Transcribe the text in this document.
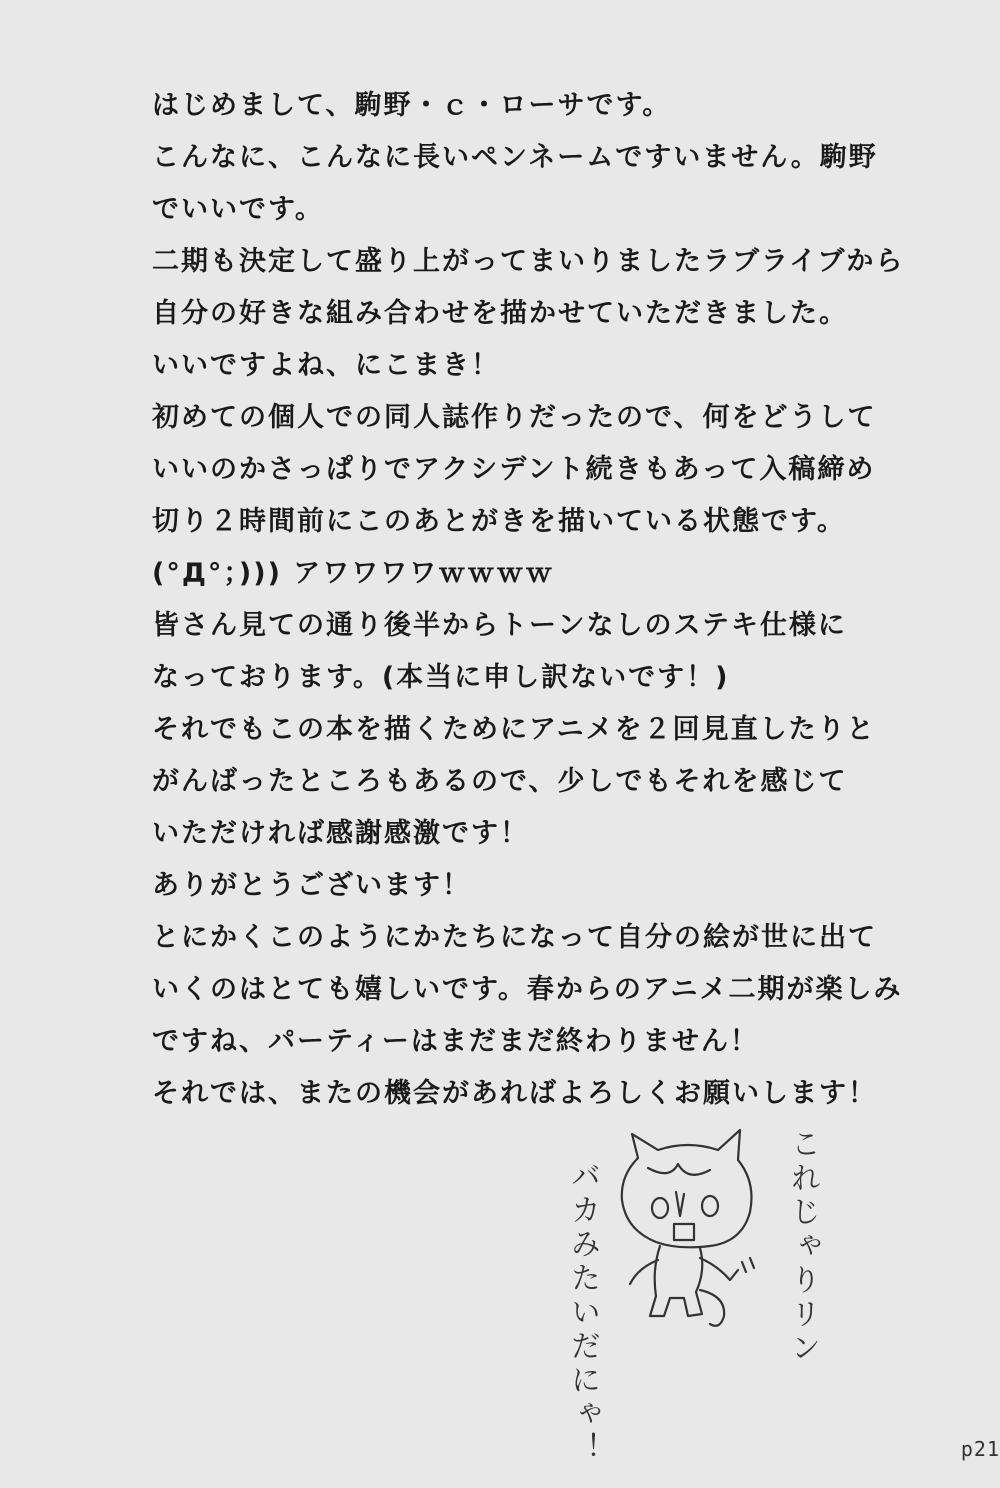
はじめまして、駒野・ｃ・ローサです。
こんなに、こんなに長いペンネームですいません。駒野
でいいです。
二期も決定して盛り上がってまいりましたラブライブから
自分の好きな組み合わせを描かせていただきました。
いいですよね、にこまき！
初めての個人での同人誌作りだったので、何をどうして
いいのかさっぱりでアクシデント続きもあって入稿締め
切り２時間前にこのあとがきを描いている状態です。
(°Д°；))) アワワワワｗｗｗｗ
皆さん見ての通り後半からトーンなしのステキ仕様に
なっております。(本当に申し訳ないです！)
それでもこの本を描くためにアニメを２回見直したりと
がんばったところもあるので、少しでもそれを感じて
いただければ感謝感激です！
ありがとうございます！
とにかくこのようにかたちになって自分の絵が世に出て
いくのはとても嬉しいです。春からのアニメ二期が楽しみ
ですね、パーティーはまだまだ終わりません！
それでは、またの機会があればよろしくお願いします！
これじゃりリン
バカみたいだにゃ！	p21
